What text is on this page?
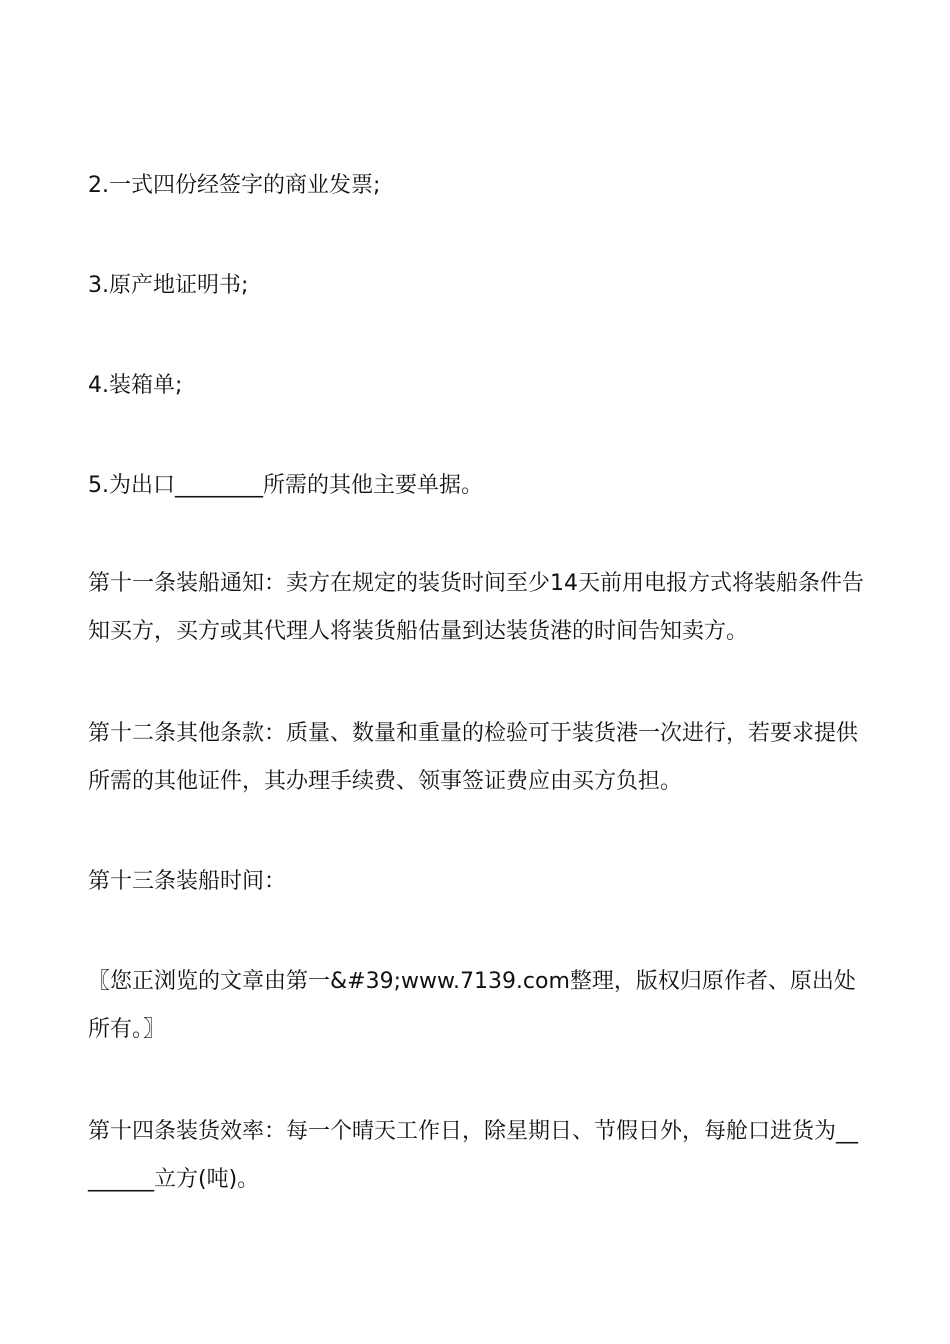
2.一式四份经签字的商业发票;

3.原产地证明书;

4.装箱单;

5.为出口________所需的其他主要单据。

第十一条装船通知：卖方在规定的装货时间至少14天前用电报方式将装船条件告知买方，买方或其代理人将装货船估量到达装货港的时间告知卖方。

第十二条其他条款：质量、数量和重量的检验可于装货港一次进行，若要求提供所需的其他证件，其办理手续费、领事签证费应由买方负担。

第十三条装船时间：

〖您正浏览的文章由第一&#39;www.7139.com整理，版权归原作者、原出处所有。〗

第十四条装货效率：每一个晴天工作日，除星期日、节假日外，每舱口进货为________立方(吨)。
